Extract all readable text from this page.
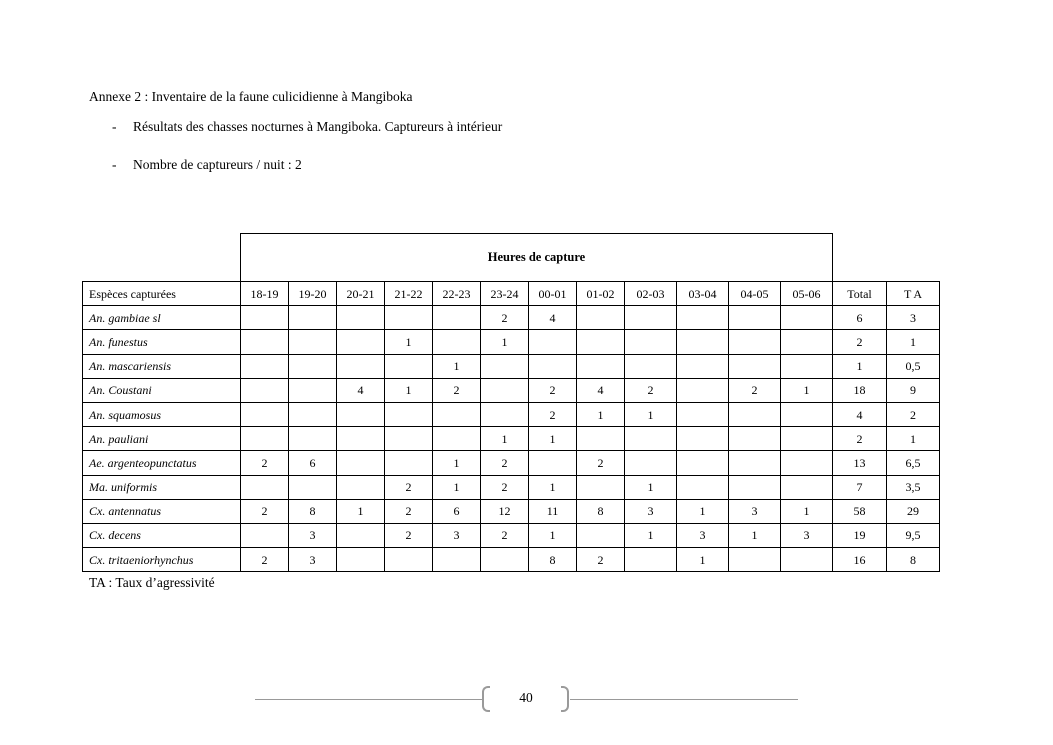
Annexe 2 : Inventaire de la faune culicidienne à Mangiboka
- Résultats des chasses nocturnes à Mangiboka. Captureurs à intérieur
- Nombre de captureurs / nuit : 2
	Heures de capture													
Espèces capturées	18-19	19-20	20-21	21-22	22-23	23-24	00-01	01-02	02-03	03-04	04-05	05-06	Total	T A
An. gambiae sl						2	4						6	3
An. funestus				1		1							2	1
An. mascariensis					1								1	0,5
An. Coustani			4	1	2		2	4	2		2	1	18	9
An. squamosus							2	1	1				4	2
An. pauliani						1	1						2	1
Ae. argenteopunctatus	2	6			1	2		2					13	6,5
Ma. uniformis				2	1	2	1		1				7	3,5
Cx. antennatus	2	8	1	2	6	12	11	8	3	1	3	1	58	29
Cx. decens		3		2	3	2	1		1	3	1	3	19	9,5
Cx. tritaeniorhynchus	2	3					8	2		1			16	8
TA : Taux d’agressivité
40
